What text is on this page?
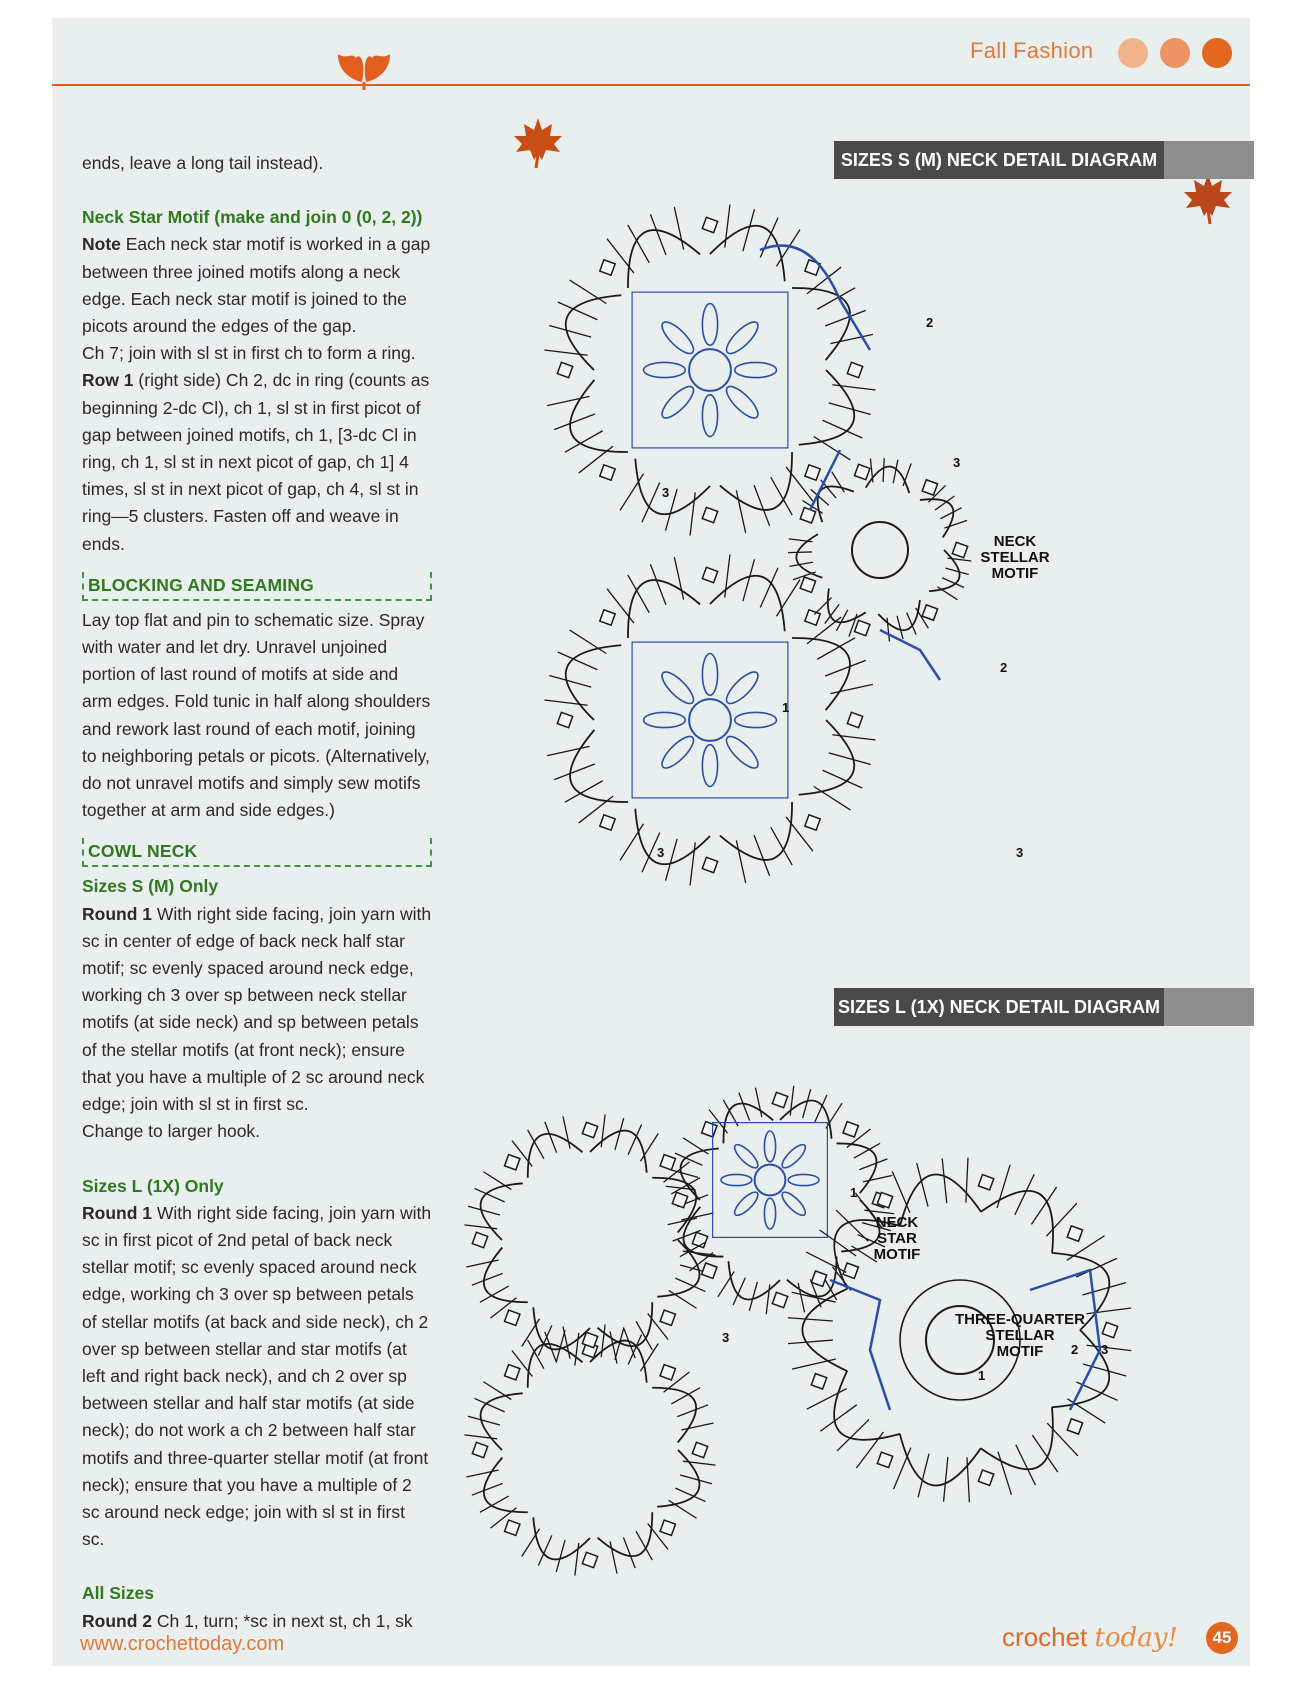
Fall Fashion

ends, leave a long tail instead).

Neck Star Motif (make and join 0 (0, 2, 2))

Note Each neck star motif is worked in a gap between three joined motifs along a neck edge. Each neck star motif is joined to the picots around the edges of the gap.

Ch 7; join with sl st in first ch to form a ring.

Row 1 (right side) Ch 2, dc in ring (counts as beginning 2-dc Cl), ch 1, sl st in first picot of gap between joined motifs, ch 1, [3-dc Cl in ring, ch 1, sl st in next picot of gap, ch 1] 4 times, sl st in next picot of gap, ch 4, sl st in ring—5 clusters. Fasten off and weave in ends.

BLOCKING AND SEAMING

Lay top flat and pin to schematic size. Spray with water and let dry. Unravel unjoined portion of last round of motifs at side and arm edges. Fold tunic in half along shoulders and rework last round of each motif, joining to neighboring petals or picots. (Alternatively, do not unravel motifs and simply sew motifs together at arm and side edges.)

COWL NECK

Sizes S (M) Only

Round 1 With right side facing, join yarn with sc in center of edge of back neck half star motif; sc evenly spaced around neck edge, working ch 3 over sp between neck stellar motifs (at side neck) and sp between petals of the stellar motifs (at front neck); ensure that you have a multiple of 2 sc around neck edge; join with sl st in first sc.

Change to larger hook.

Sizes L (1X) Only

Round 1 With right side facing, join yarn with sc in first picot of 2nd petal of back neck stellar motif; sc evenly spaced around neck edge, working ch 3 over sp between petals of stellar motifs (at back and side neck), ch 2 over sp between stellar and star motifs (at left and right back neck), and ch 2 over sp between stellar and half star motifs (at side neck); do not work a ch 2 between half star motifs and three-quarter stellar motif (at front neck); ensure that you have a multiple of 2 sc around neck edge; join with sl st in first sc.

All Sizes

Round 2 Ch 1, turn; *sc in next st, ch 1, sk

SIZES S (M) NECK DETAIL DIAGRAM
NECK
STELLAR
MOTIF
2
3
3
2
1
3	3
SIZES L (1X) NECK DETAIL DIAGRAM
NECK
STAR
MOTIF
THREE-QUARTER
STELLAR
MOTIF
1
3
1
2 3
www.crochettoday.com	crochet today!	45
